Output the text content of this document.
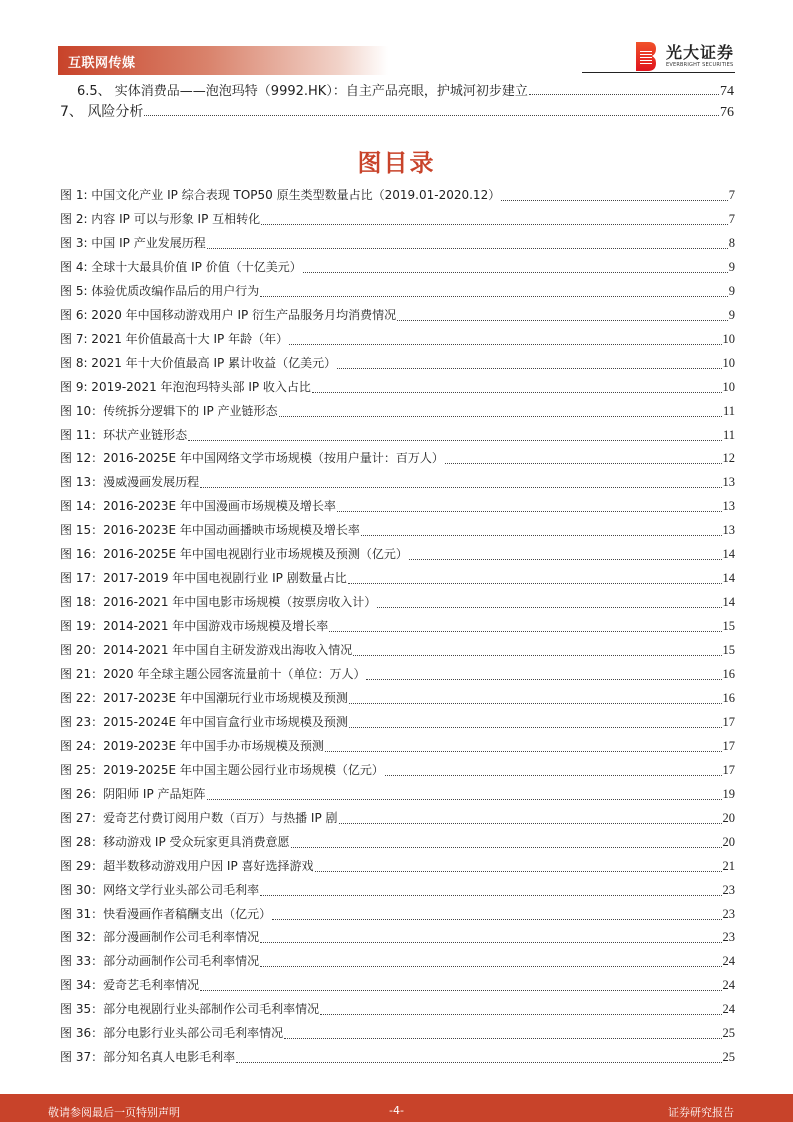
互联网传媒
光大证券
EVERBRIGHT SECURITIES
6.5、 实体消费品——泡泡玛特（9992.HK）：自主产品亮眼，护城河初步建立	74
7、 风险分析	76
图目录
图 1: 中国文化产业 IP 综合表现 TOP50 原生类型数量占比（2019.01-2020.12）	7
图 2: 内容 IP 可以与形象 IP 互相转化	7
图 3: 中国 IP 产业发展历程	8
图 4: 全球十大最具价值 IP 价值（十亿美元）	9
图 5: 体验优质改编作品后的用户行为	9
图 6: 2020 年中国移动游戏用户 IP 衍生产品服务月均消费情况	9
图 7: 2021 年价值最高十大 IP 年龄（年）	10
图 8: 2021 年十大价值最高 IP 累计收益（亿美元）	10
图 9: 2019-2021 年泡泡玛特头部 IP 收入占比	10
图 10：传统拆分逻辑下的 IP 产业链形态	11
图 11：环状产业链形态	11
图 12：2016-2025E 年中国网络文学市场规模（按用户量计：百万人）	12
图 13：漫威漫画发展历程	13
图 14：2016-2023E 年中国漫画市场规模及增长率	13
图 15：2016-2023E 年中国动画播映市场规模及增长率	13
图 16：2016-2025E 年中国电视剧行业市场规模及预测（亿元）	14
图 17：2017-2019 年中国电视剧行业 IP 剧数量占比	14
图 18：2016-2021 年中国电影市场规模（按票房收入计）	14
图 19：2014-2021 年中国游戏市场规模及增长率	15
图 20：2014-2021 年中国自主研发游戏出海收入情况	15
图 21：2020 年全球主题公园客流量前十（单位：万人）	16
图 22：2017-2023E 年中国潮玩行业市场规模及预测	16
图 23：2015-2024E 年中国盲盒行业市场规模及预测	17
图 24：2019-2023E 年中国手办市场规模及预测	17
图 25：2019-2025E 年中国主题公园行业市场规模（亿元）	17
图 26：阴阳师 IP 产品矩阵	19
图 27：爱奇艺付费订阅用户数（百万）与热播 IP 剧	20
图 28：移动游戏 IP 受众玩家更具消费意愿	20
图 29：超半数移动游戏用户因 IP 喜好选择游戏	21
图 30：网络文学行业头部公司毛利率	23
图 31：快看漫画作者稿酬支出（亿元）	23
图 32：部分漫画制作公司毛利率情况	23
图 33：部分动画制作公司毛利率情况	24
图 34：爱奇艺毛利率情况	24
图 35：部分电视剧行业头部制作公司毛利率情况	24
图 36：部分电影行业头部公司毛利率情况	25
图 37：部分知名真人电影毛利率	25
敬请参阅最后一页特别声明	-4-	证券研究报告
